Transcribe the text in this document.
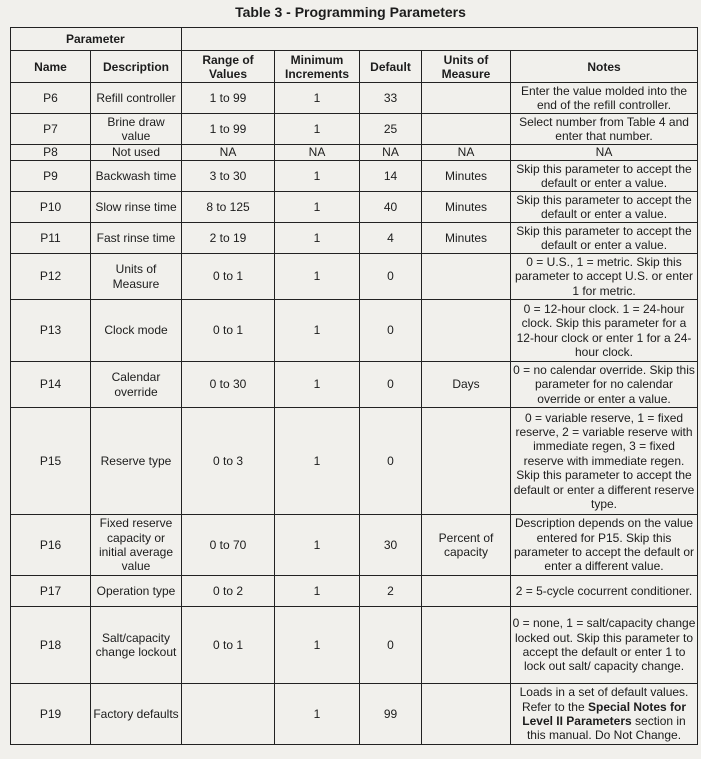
Table 3 - Programming Parameters
Parameter						
Name	Description	Range of Values	Minimum Increments	Default	Units of Measure	Notes
P6	Refill controller	1 to 99	1	33		Enter the value molded into the end of the refill controller.
P7	Brine draw value	1 to 99	1	25		Select number from Table 4 and enter that number.
P8	Not used	NA	NA	NA	NA	NA
P9	Backwash time	3 to 30	1	14	Minutes	Skip this parameter to accept the default or enter a value.
P10	Slow rinse time	8 to 125	1	40	Minutes	Skip this parameter to accept the default or enter a value.
P11	Fast rinse time	2 to 19	1	4	Minutes	Skip this parameter to accept the default or enter a value.
P12	Units of Measure	0 to 1	1	0		0 = U.S., 1 = metric. Skip this parameter to accept U.S. or enter 1 for metric.
P13	Clock mode	0 to 1	1	0		0 = 12-hour clock. 1 = 24-hour clock. Skip this parameter for a 12-hour clock or enter 1 for a 24-hour clock.
P14	Calendar override	0 to 30	1	0	Days	0 = no calendar override. Skip this parameter for no calendar override or enter a value.
P15	Reserve type	0 to 3	1	0		0 = variable reserve, 1 = fixed reserve, 2 = variable reserve with immediate regen, 3 = fixed reserve with immediate regen. Skip this parameter to accept the default or enter a different reserve type.
P16	Fixed reserve capacity or initial average value	0 to 70	1	30	Percent of capacity	Description depends on the value entered for P15. Skip this parameter to accept the default or enter a different value.
P17	Operation type	0 to 2	1	2		2 = 5-cycle cocurrent conditioner.
P18	Salt/capacity change lockout	0 to 1	1	0		0 = none, 1 = salt/capacity change locked out. Skip this parameter to accept the default or enter 1 to lock out salt/ capacity change.
P19	Factory defaults		1	99		Loads in a set of default values. Refer to the Special Notes for Level II Parameters section in this manual. Do Not Change.
